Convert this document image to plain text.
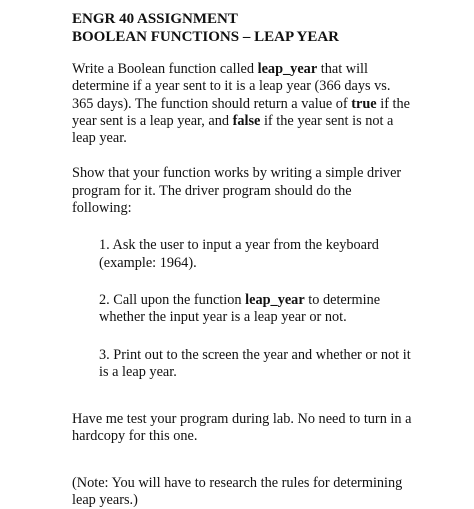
ENGR 40 ASSIGNMENT
BOOLEAN FUNCTIONS – LEAP YEAR

Write a Boolean function called leap_year that will determine if a year sent to it is a leap year (366 days vs. 365 days). The function should return a value of true if the year sent is a leap year, and false if the year sent is not a leap year.

Show that your function works by writing a simple driver program for it. The driver program should do the following:

1. Ask the user to input a year from the keyboard (example: 1964).

2. Call upon the function leap_year to determine whether the input year is a leap year or not.

3. Print out to the screen the year and whether or not it is a leap year.

Have me test your program during lab. No need to turn in a hardcopy for this one.

(Note: You will have to research the rules for determining leap years.)
